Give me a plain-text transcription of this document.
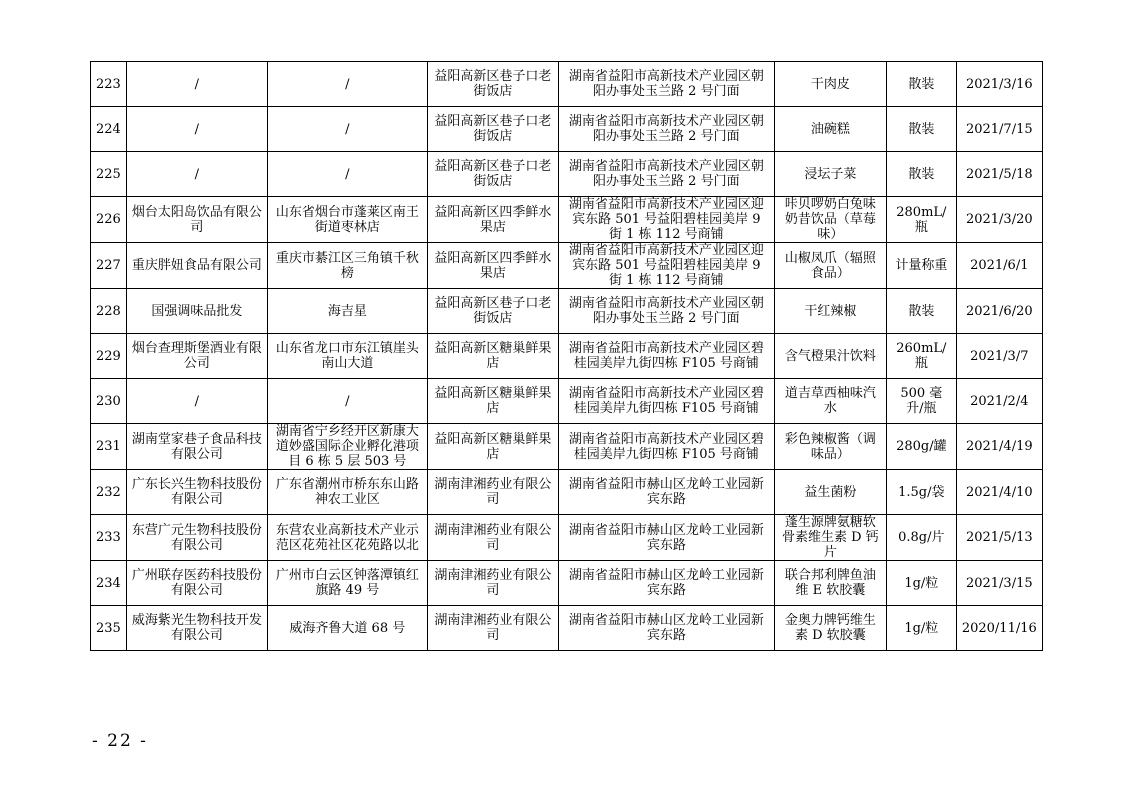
223	/	/	益阳高新区巷子口老街饭店	湖南省益阳市高新技术产业园区朝阳办事处玉兰路 2 号门面	干肉皮	散装	2021/3/16
224	/	/	益阳高新区巷子口老街饭店	湖南省益阳市高新技术产业园区朝阳办事处玉兰路 2 号门面	油碗糕	散装	2021/7/15
225	/	/	益阳高新区巷子口老街饭店	湖南省益阳市高新技术产业园区朝阳办事处玉兰路 2 号门面	浸坛子菜	散装	2021/5/18
226	烟台太阳岛饮品有限公司	山东省烟台市蓬莱区南王街道枣林店	益阳高新区四季鲜水果店	湖南省益阳市高新技术产业园区迎宾东路 501 号益阳碧桂园美岸 9 街 1 栋 112 号商铺	咔贝啰奶白兔味奶昔饮品（草莓味）	280mL/瓶	2021/3/20
227	重庆胖妞食品有限公司	重庆市綦江区三角镇千秋榜	益阳高新区四季鲜水果店	湖南省益阳市高新技术产业园区迎宾东路 501 号益阳碧桂园美岸 9 街 1 栋 112 号商铺	山椒凤爪（辐照食品）	计量称重	2021/6/1
228	国强调味品批发	海吉星	益阳高新区巷子口老街饭店	湖南省益阳市高新技术产业园区朝阳办事处玉兰路 2 号门面	干红辣椒	散装	2021/6/20
229	烟台查理斯堡酒业有限公司	山东省龙口市东江镇崖头南山大道	益阳高新区糖巢鲜果店	湖南省益阳市高新技术产业园区碧桂园美岸九街四栋 F105 号商铺	含气橙果汁饮料	260mL/瓶	2021/3/7
230	/	/	益阳高新区糖巢鲜果店	湖南省益阳市高新技术产业园区碧桂园美岸九街四栋 F105 号商铺	道吉草西柚味汽水	500 毫升/瓶	2021/2/4
231	湖南堂家巷子食品科技有限公司	湖南省宁乡经开区新康大道妙盛国际企业孵化港项目 6 栋 5 层 503 号	益阳高新区糖巢鲜果店	湖南省益阳市高新技术产业园区碧桂园美岸九街四栋 F105 号商铺	彩色辣椒酱（调味品）	280g/罐	2021/4/19
232	广东长兴生物科技股份有限公司	广东省潮州市桥东东山路神农工业区	湖南津湘药业有限公司	湖南省益阳市赫山区龙岭工业园新宾东路	益生菌粉	1.5g/袋	2021/4/10
233	东营广元生物科技股份有限公司	东营农业高新技术产业示范区花苑社区花苑路以北	湖南津湘药业有限公司	湖南省益阳市赫山区龙岭工业园新宾东路	蓬生源牌氨糖软骨素维生素 D 钙片	0.8g/片	2021/5/13
234	广州联存医药科技股份有限公司	广州市白云区钟落潭镇红旗路 49 号	湖南津湘药业有限公司	湖南省益阳市赫山区龙岭工业园新宾东路	联合邦利牌鱼油维 E 软胶囊	1g/粒	2021/3/15
235	威海紫光生物科技开发有限公司	威海齐鲁大道 68 号	湖南津湘药业有限公司	湖南省益阳市赫山区龙岭工业园新宾东路	金奥力牌钙维生素 D 软胶囊	1g/粒	2020/11/16
- 22 -
